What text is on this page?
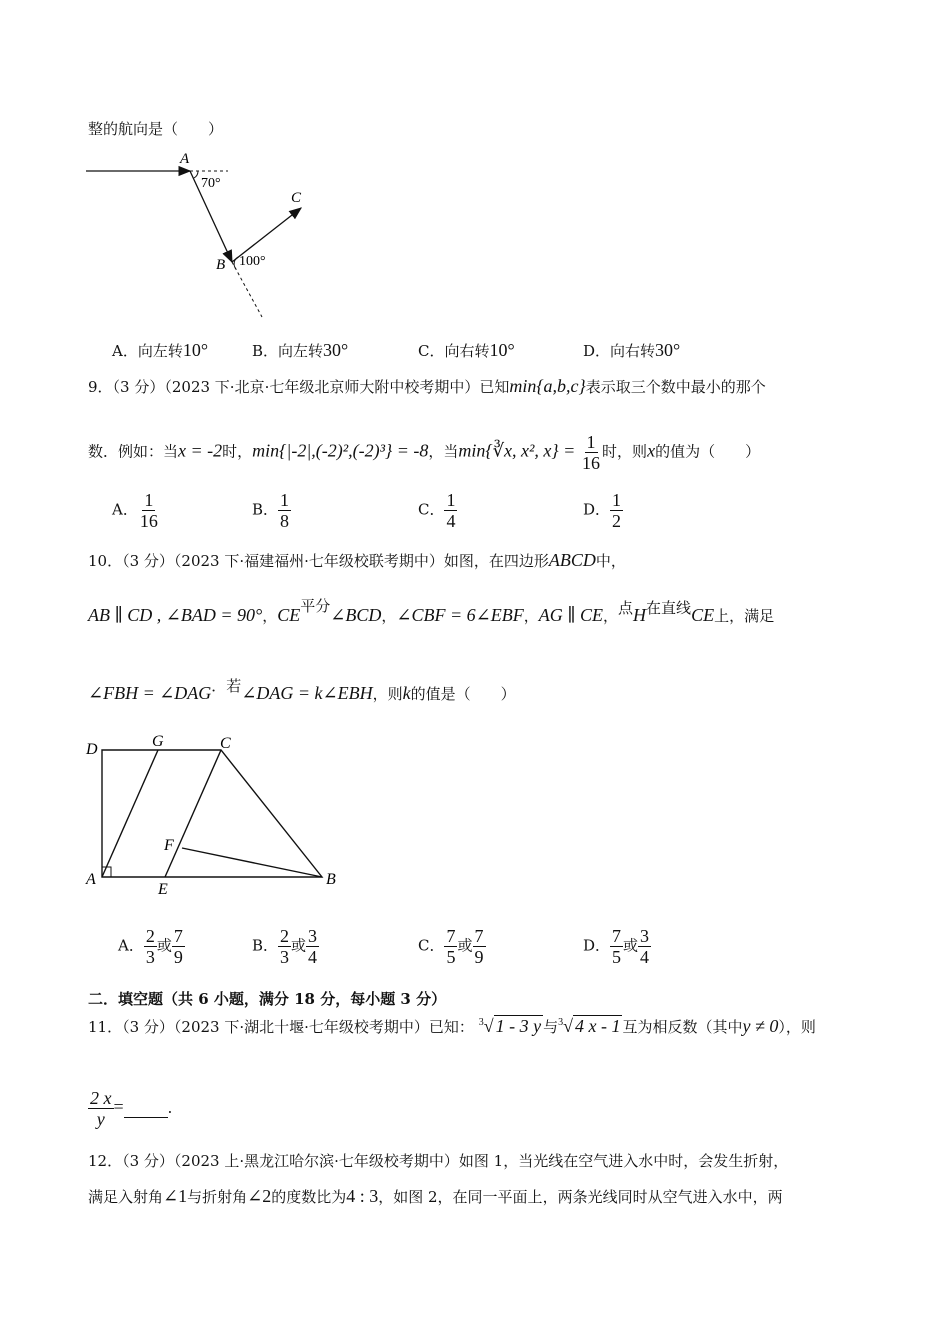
整的航向是（　　）
A
B
C
70°
100°
A．向左转10°	B．向左转30°	C．向右转10°	D．向右转30°
9．（3 分）（2023 下·北京·七年级北京师大附中校考期中）已知min{a,b,c}表示取三个数中最小的那个
数．例如：当x = -2时，min{|-2|,(-2)²,(-2)³} = -8，当min{∛x, x², $x\} = \frac{1}{16}$ 时，则x的值为（　　）
A． $\frac{1}{16}$	B． $\frac{1}{8}$	C． $\frac{1}{4}$	D． $\frac{1}{2}$
10．（3 分）（2023 下·福建福州·七年级校联考期中）如图，在四边形ABCD中，
AB ∥ CD , ∠BAD = 90°，CE平分∠BCD，∠CBF = 6∠EBF，AG ∥ CE，点H在直线CE上，满足
∠FBH = ∠DAG．若∠DAG = k∠EBH，则k的值是（　　）
D	G	C
F
A
E
B
A． $\frac{2}{3}$ 或 $\frac{7}{9}$	B． $\frac{2}{3}$ 或 $\frac{3}{4}$	C． $\frac{7}{5}$ 或 $\frac{7}{9}$	D． $\frac{7}{5}$ 或 $\frac{3}{4}$
二．填空题（共 6 小题，满分 18 分，每小题 3 分）
11．（3 分）（2023 下·湖北十堰·七年级校考期中）已知： $^3$√ 1 - 3 y 与$^3$√ 4 x - 1 互为相反数（其中y ≠ 0），则
$\frac{2 x}{y}$ =	．
12．（3 分）（2023 上·黑龙江哈尔滨·七年级校考期中）如图 1，当光线在空气进入水中时，会发生折射，
满足入射角∠1与折射角∠2的度数比为4 : 3，如图 2，在同一平面上，两条光线同时从空气进入水中，两
